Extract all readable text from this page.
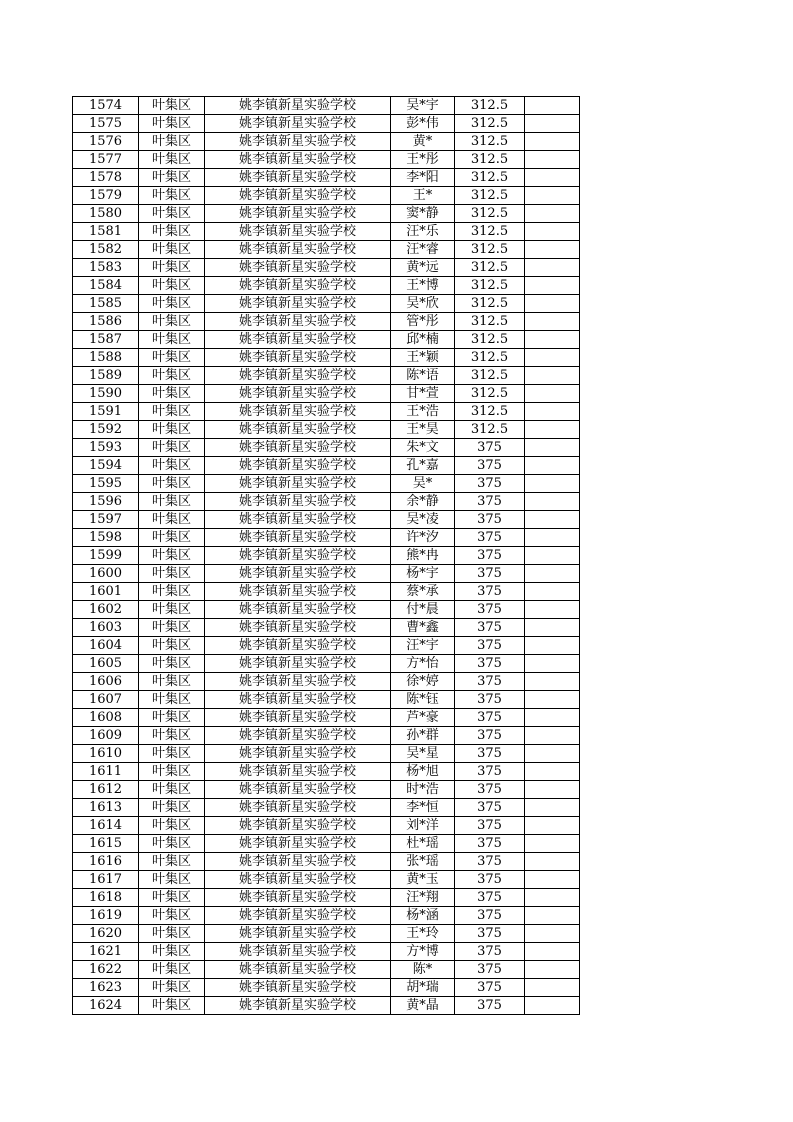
1574	叶集区	姚李镇新星实验学校	吴*宇	312.5	
1575	叶集区	姚李镇新星实验学校	彭*伟	312.5	
1576	叶集区	姚李镇新星实验学校	黄*	312.5	
1577	叶集区	姚李镇新星实验学校	王*彤	312.5	
1578	叶集区	姚李镇新星实验学校	李*阳	312.5	
1579	叶集区	姚李镇新星实验学校	王*	312.5	
1580	叶集区	姚李镇新星实验学校	窦*静	312.5	
1581	叶集区	姚李镇新星实验学校	汪*乐	312.5	
1582	叶集区	姚李镇新星实验学校	汪*睿	312.5	
1583	叶集区	姚李镇新星实验学校	黄*远	312.5	
1584	叶集区	姚李镇新星实验学校	王*博	312.5	
1585	叶集区	姚李镇新星实验学校	吴*欣	312.5	
1586	叶集区	姚李镇新星实验学校	管*彤	312.5	
1587	叶集区	姚李镇新星实验学校	邱*楠	312.5	
1588	叶集区	姚李镇新星实验学校	王*颖	312.5	
1589	叶集区	姚李镇新星实验学校	陈*语	312.5	
1590	叶集区	姚李镇新星实验学校	甘*萱	312.5	
1591	叶集区	姚李镇新星实验学校	王*浩	312.5	
1592	叶集区	姚李镇新星实验学校	王*昊	312.5	
1593	叶集区	姚李镇新星实验学校	朱*文	375	
1594	叶集区	姚李镇新星实验学校	孔*嘉	375	
1595	叶集区	姚李镇新星实验学校	吴*	375	
1596	叶集区	姚李镇新星实验学校	余*静	375	
1597	叶集区	姚李镇新星实验学校	吴*凌	375	
1598	叶集区	姚李镇新星实验学校	许*汐	375	
1599	叶集区	姚李镇新星实验学校	熊*冉	375	
1600	叶集区	姚李镇新星实验学校	杨*宇	375	
1601	叶集区	姚李镇新星实验学校	蔡*承	375	
1602	叶集区	姚李镇新星实验学校	付*晨	375	
1603	叶集区	姚李镇新星实验学校	曹*鑫	375	
1604	叶集区	姚李镇新星实验学校	汪*宇	375	
1605	叶集区	姚李镇新星实验学校	方*怡	375	
1606	叶集区	姚李镇新星实验学校	徐*婷	375	
1607	叶集区	姚李镇新星实验学校	陈*钰	375	
1608	叶集区	姚李镇新星实验学校	芦*豪	375	
1609	叶集区	姚李镇新星实验学校	孙*群	375	
1610	叶集区	姚李镇新星实验学校	吴*星	375	
1611	叶集区	姚李镇新星实验学校	杨*旭	375	
1612	叶集区	姚李镇新星实验学校	时*浩	375	
1613	叶集区	姚李镇新星实验学校	李*恒	375	
1614	叶集区	姚李镇新星实验学校	刘*洋	375	
1615	叶集区	姚李镇新星实验学校	杜*瑶	375	
1616	叶集区	姚李镇新星实验学校	张*瑶	375	
1617	叶集区	姚李镇新星实验学校	黄*玉	375	
1618	叶集区	姚李镇新星实验学校	汪*翔	375	
1619	叶集区	姚李镇新星实验学校	杨*涵	375	
1620	叶集区	姚李镇新星实验学校	王*玲	375	
1621	叶集区	姚李镇新星实验学校	方*博	375	
1622	叶集区	姚李镇新星实验学校	陈*	375	
1623	叶集区	姚李镇新星实验学校	胡*瑞	375	
1624	叶集区	姚李镇新星实验学校	黄*晶	375	
